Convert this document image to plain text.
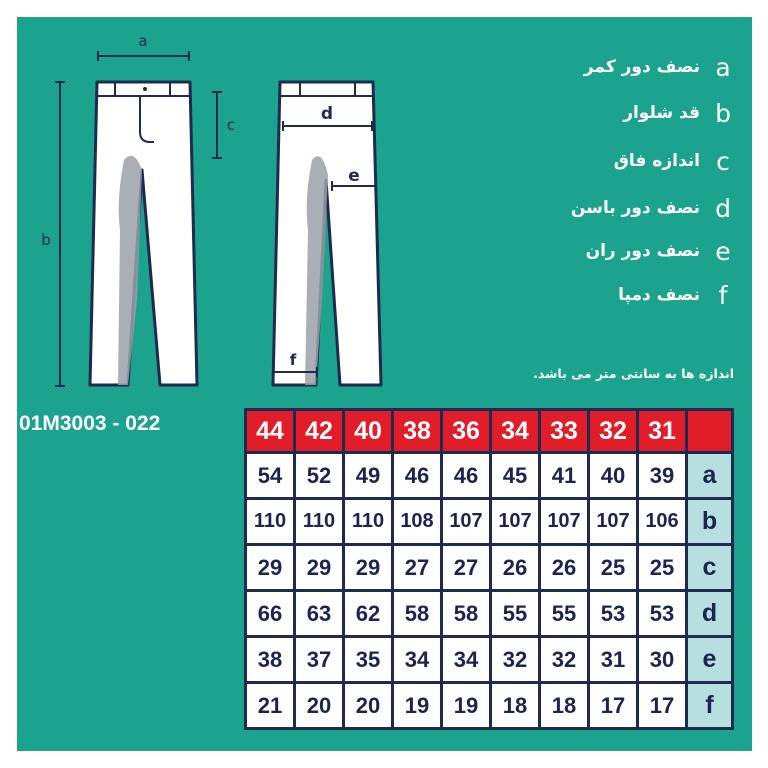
a
b
c
d
e
f
نصف دور کمر a
قد شلوار b
اندازه فاق c
نصف دور باسن d
نصف دور ران e
نصف دمپا f
اندازه ها به سانتی متر می باشد.
01M3003 - 022	44	42	40	38	36	34	33	32	31	
54	52	49	46	46	45	41	40	39	a
110	110	110	108	107	107	107	107	106	b
29	29	29	27	27	26	26	25	25	c
66	63	62	58	58	55	55	53	53	d
38	37	35	34	34	32	32	31	30	e
21	20	20	19	19	18	18	17	17	f
